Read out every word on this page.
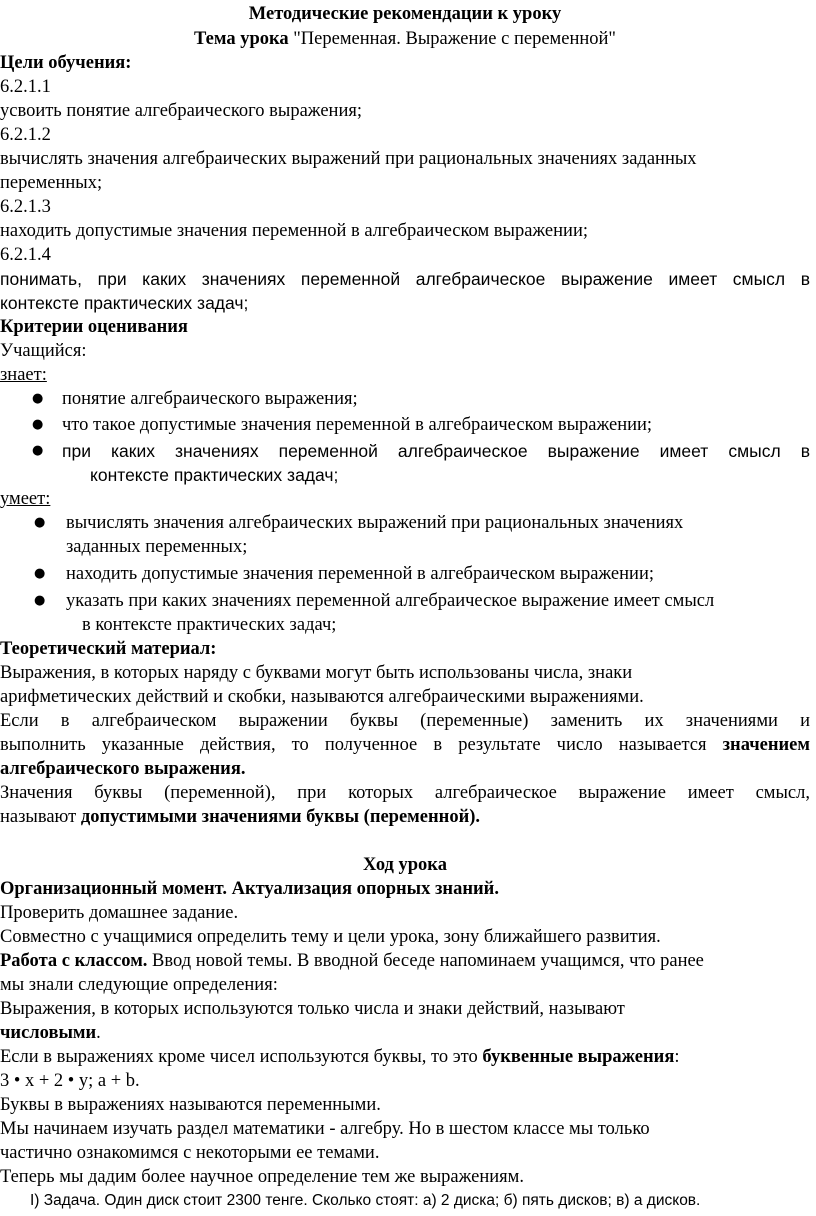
Методические рекомендации к уроку
Тема урока "Переменная. Выражение с переменной"
Цели обучения:
6.2.1.1
усвоить понятие алгебраического выражения;
6.2.1.2
вычислять значения алгебраических выражений при рациональных значениях заданных
переменных;
6.2.1.3
находить допустимые значения переменной в алгебраическом выражении;
6.2.1.4
понимать, при каких значениях переменной алгебраическое выражение имеет смысл в
контексте практических задач;
Критерии оценивания
Учащийся:
знает:
● понятие алгебраического выражения;
● что такое допустимые значения переменной в алгебраическом выражении;
● при каких значениях переменной алгебраическое выражение имеет смысл в
контексте практических задач;
умеет:
● вычислять значения алгебраических выражений при рациональных значениях
заданных переменных;
● находить допустимые значения переменной в алгебраическом выражении;
● указать при каких значениях переменной алгебраическое выражение имеет смысл
в контексте практических задач;
Теоретический материал:
Выражения, в которых наряду с буквами могут быть использованы числа, знаки
арифметических действий и скобки, называются алгебраическими выражениями.
Если в алгебраическом выражении буквы (переменные) заменить их значениями и
выполнить указанные действия, то полученное в результате число называется значением
алгебраического выражения.
Значения буквы (переменной), при которых алгебраическое выражение имеет смысл,
называют допустимыми значениями буквы (переменной).
Ход урока
Организационный момент. Актуализация опорных знаний.
Проверить домашнее задание.
Совместно с учащимися определить тему и цели урока, зону ближайшего развития.
Работа с классом. Ввод новой темы. В вводной беседе напоминаем учащимся, что ранее
мы знали следующие определения:
Выражения, в которых используются только числа и знаки действий, называют
числовыми.
Если в выражениях кроме чисел используются буквы, то это буквенные выражения:
3 • x + 2 • y; a + b.
Буквы в выражениях называются переменными.
Мы начинаем изучать раздел математики - алгебру. Но в шестом классе мы только
частично ознакомимся с некоторыми ее темами.
Теперь мы дадим более научное определение тем же выражениям.
I) Задача. Один диск стоит 2300 тенге. Сколько стоят: а) 2 диска; б) пять дисков; в) а дисков.
